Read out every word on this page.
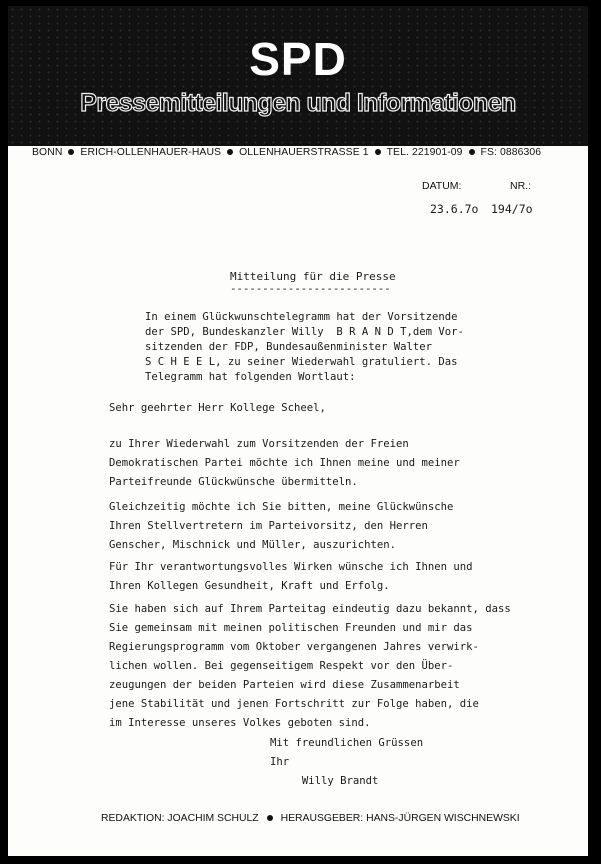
SPD
Pressemitteilungen und Informationen
BONN ERICH-OLLENHAUER-HAUS OLLENHAUERSTRASSE 1 TEL. 221901-09 FS: 0886306
DATUM:	NR.:
23.6.7o 194/7o
Mitteilung für die Presse
-------------------------
In einem Glückwunschtelegramm hat der Vorsitzende
der SPD, Bundeskanzler Willy  B R A N D T,dem Vor-
sitzenden der FDP, Bundesaußenminister Walter
S C H E E L, zu seiner Wiederwahl gratuliert. Das
Telegramm hat folgenden Wortlaut:
Sehr geehrter Herr Kollege Scheel,
zu Ihrer Wiederwahl zum Vorsitzenden der Freien
Demokratischen Partei möchte ich Ihnen meine und meiner
Parteifreunde Glückwünsche übermitteln.
Gleichzeitig möchte ich Sie bitten, meine Glückwünsche
Ihren Stellvertretern im Parteivorsitz, den Herren
Genscher, Mischnick und Müller, auszurichten.
Für Ihr verantwortungsvolles Wirken wünsche ich Ihnen und
Ihren Kollegen Gesundheit, Kraft und Erfolg.
Sie haben sich auf Ihrem Parteitag eindeutig dazu bekannt, dass
Sie gemeinsam mit meinen politischen Freunden und mir das
Regierungsprogramm vom Oktober vergangenen Jahres verwirk-
lichen wollen. Bei gegenseitigem Respekt vor den Über-
zeugungen der beiden Parteien wird diese Zusammenarbeit
jene Stabilität und jenen Fortschritt zur Folge haben, die
im Interesse unseres Volkes geboten sind.
Mit freundlichen Grüssen
Ihr
Willy Brandt
REDAKTION: JOACHIM SCHULZ HERAUSGEBER: HANS-JÜRGEN WISCHNEWSKI
